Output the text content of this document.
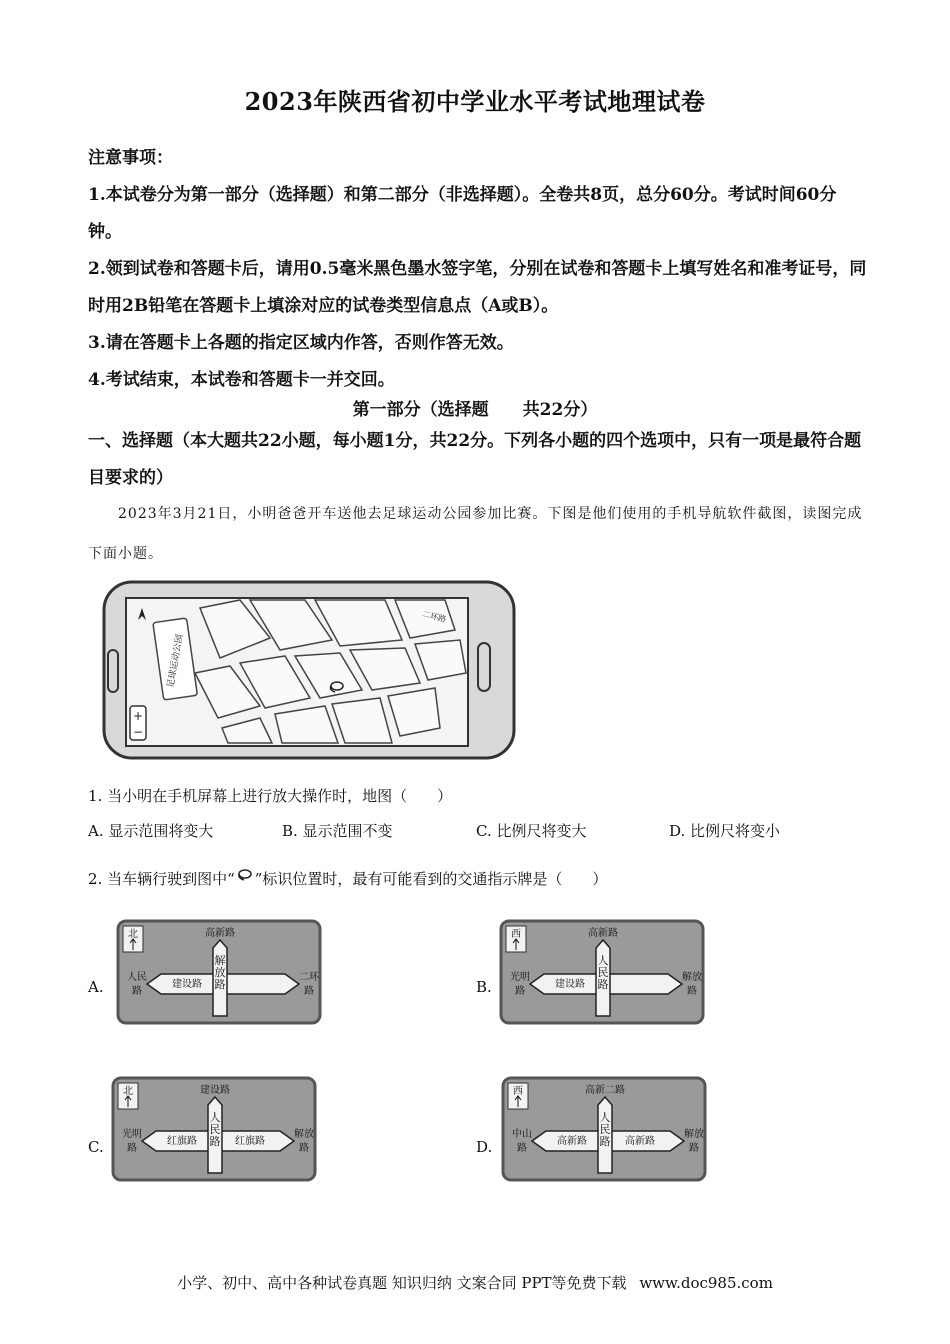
2023年陕西省初中学业水平考试地理试卷

注意事项：

1.本试卷分为第一部分（选择题）和第二部分（非选择题）。全卷共8页，总分60分。考试时间60分钟。

2.领到试卷和答题卡后，请用0.5毫米黑色墨水签字笔，分别在试卷和答题卡上填写姓名和准考证号，同时用2B铅笔在答题卡上填涂对应的试卷类型信息点（A或B）。

3.请在答题卡上各题的指定区域内作答，否则作答无效。

4.考试结束，本试卷和答题卡一并交回。

第一部分（选择题　　共22分）
一、选择题（本大题共22小题，每小题1分，共22分。下列各小题的四个选项中，只有一项是最符合题目要求的）
2023年3月21日，小明爸爸开车送他去足球运动公园参加比赛。下图是他们使用的手机导航软件截图，读图完成下面小题。
足球运动公园
二环路
+
−
1. 当小明在手机屏幕上进行放大操作时，地图（　　）
A. 显示范围将变大	B. 显示范围不变	C. 比例尺将变大	D. 比例尺将变小
2. 当车辆行驶到图中“ ”标识位置时，最有可能看到的交通指示牌是（　　）
A.
北	高新路
解放路
建设路
人民
路
二环
路	B.
西	高新路
人民路
建设路
光明
路
解放
路
C.
北	建设路
人民路
红旗路	红旗路
光明
路
解放
路	D.
西	高新二路
人民路
高新路	高新路
中山
路
解放
路
小学、初中、高中各种试卷真题 知识归纳 文案合同 PPT等免费下载 www.doc985.com
